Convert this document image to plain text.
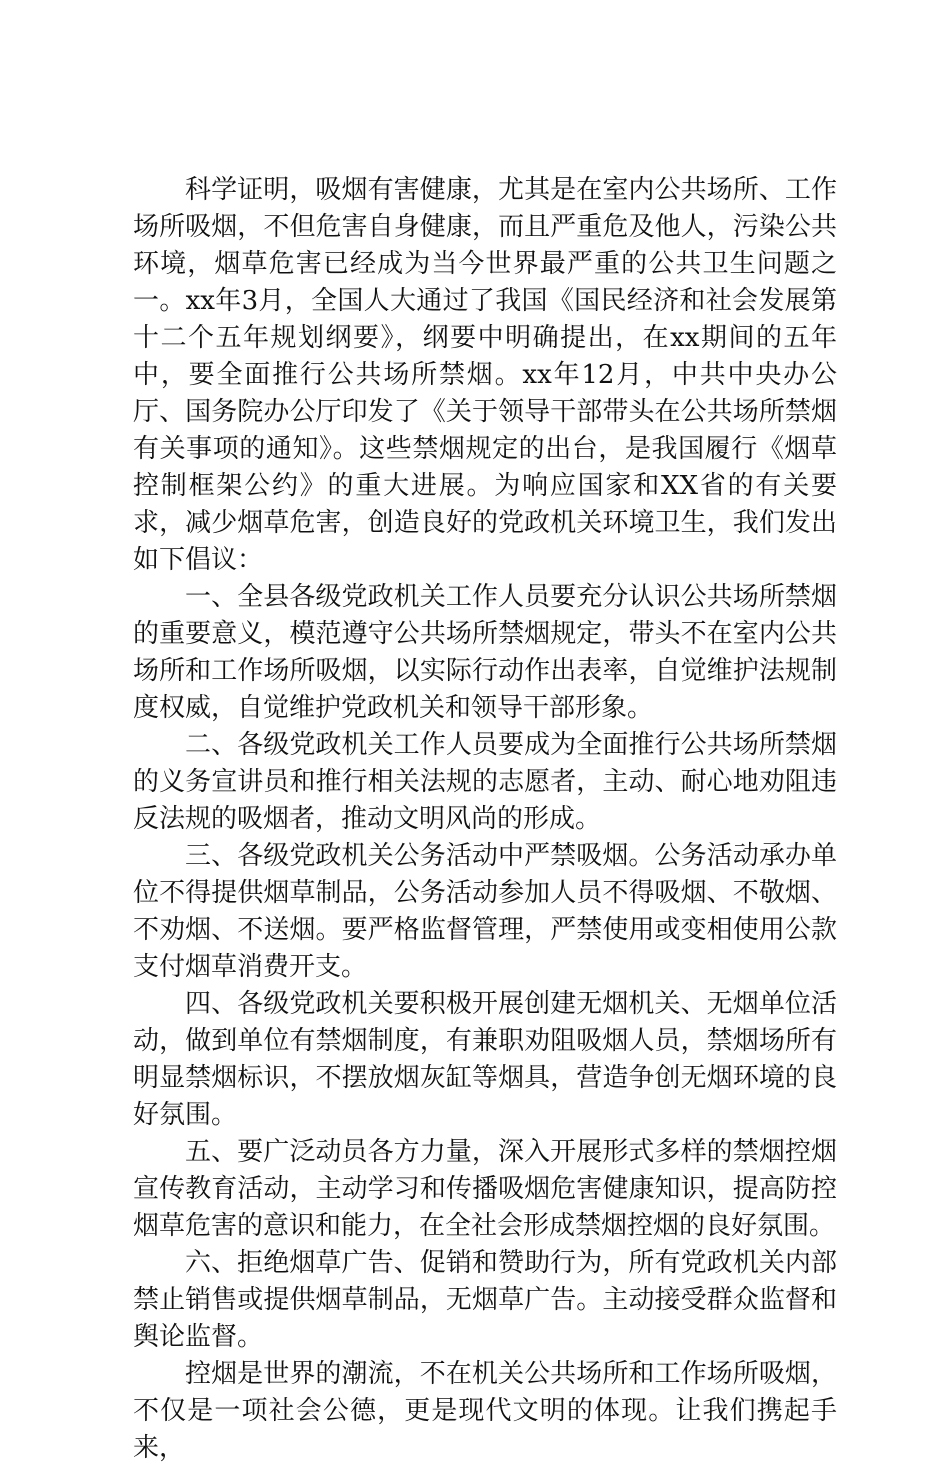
科学证明，吸烟有害健康，尤其是在室内公共场所、工作场所吸烟，不但危害自身健康，而且严重危及他人，污染公共环境，烟草危害已经成为当今世界最严重的公共卫生问题之一。xx年3月，全国人大通过了我国《国民经济和社会发展第十二个五年规划纲要》，纲要中明确提出，在xx期间的五年中，要全面推行公共场所禁烟。xx年12月，中共中央办公厅、国务院办公厅印发了《关于领导干部带头在公共场所禁烟有关事项的通知》。这些禁烟规定的出台，是我国履行《烟草控制框架公约》的重大进展。为响应国家和XX省的有关要求，减少烟草危害，创造良好的党政机关环境卫生，我们发出如下倡议：

一、全县各级党政机关工作人员要充分认识公共场所禁烟的重要意义，模范遵守公共场所禁烟规定，带头不在室内公共场所和工作场所吸烟，以实际行动作出表率，自觉维护法规制度权威，自觉维护党政机关和领导干部形象。

二、各级党政机关工作人员要成为全面推行公共场所禁烟的义务宣讲员和推行相关法规的志愿者，主动、耐心地劝阻违反法规的吸烟者，推动文明风尚的形成。

三、各级党政机关公务活动中严禁吸烟。公务活动承办单位不得提供烟草制品，公务活动参加人员不得吸烟、不敬烟、不劝烟、不送烟。要严格监督管理，严禁使用或变相使用公款支付烟草消费开支。

四、各级党政机关要积极开展创建无烟机关、无烟单位活动，做到单位有禁烟制度，有兼职劝阻吸烟人员，禁烟场所有明显禁烟标识，不摆放烟灰缸等烟具，营造争创无烟环境的良好氛围。

五、要广泛动员各方力量，深入开展形式多样的禁烟控烟宣传教育活动，主动学习和传播吸烟危害健康知识，提高防控烟草危害的意识和能力，在全社会形成禁烟控烟的良好氛围。

六、拒绝烟草广告、促销和赞助行为，所有党政机关内部禁止销售或提供烟草制品，无烟草广告。主动接受群众监督和舆论监督。

控烟是世界的潮流，不在机关公共场所和工作场所吸烟，不仅是一项社会公德，更是现代文明的体现。让我们携起手来，
